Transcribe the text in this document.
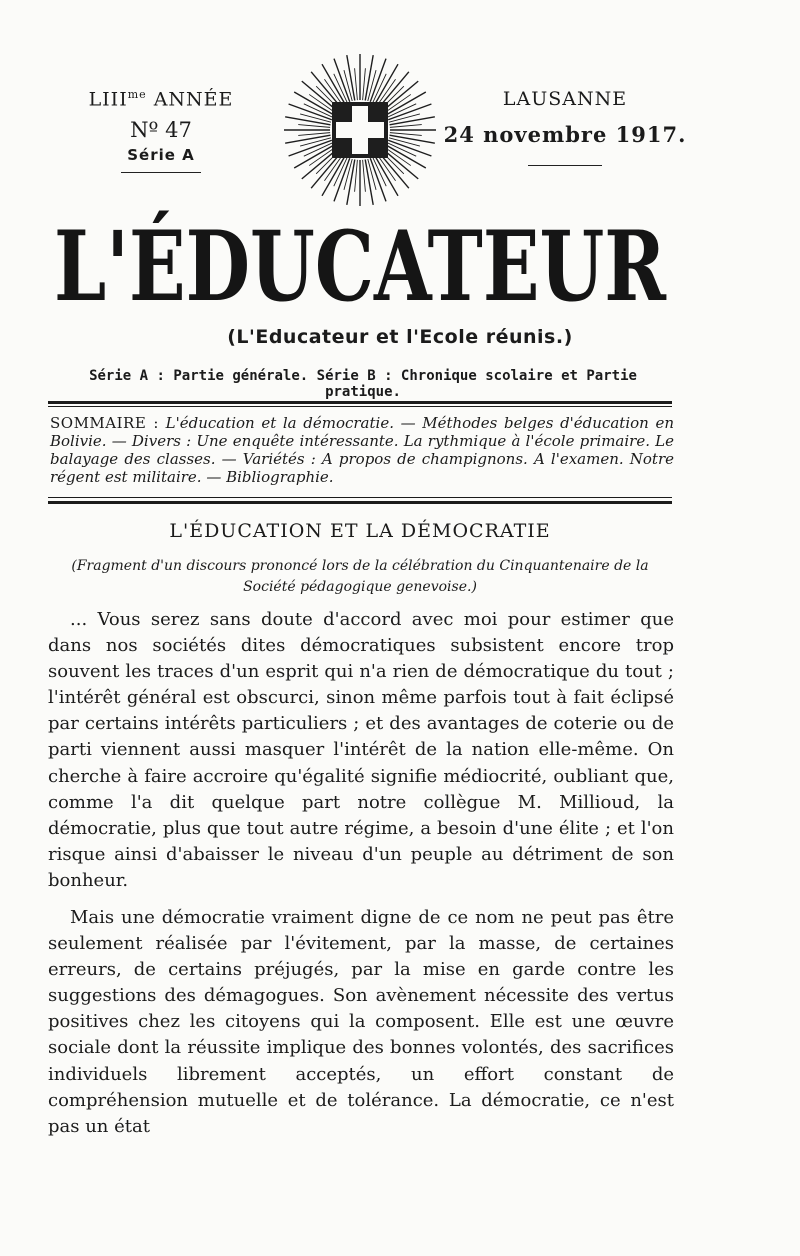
$LIII^{me}$ ANNÉE
Nº 47
Série A
LAUSANNE
24 novembre 1917.
L'ÉDUCATEUR
(L'Educateur et l'Ecole réunis.)
Série A : Partie générale. Série B : Chronique scolaire et Partie pratique.
SOMMAIRE : L'éducation et la démocratie. — Méthodes belges d'éducation en Bolivie. — Divers : Une enquête intéressante. La rythmique à l'école primaire. Le balayage des classes. — Variétés : A propos de champignons. A l'examen. Notre régent est militaire. — Bibliographie.
L'ÉDUCATION ET LA DÉMOCRATIE
(Fragment d'un discours prononcé lors de la célébration du Cinquantenaire de la Société pédagogique genevoise.)
... Vous serez sans doute d'accord avec moi pour estimer que dans nos sociétés dites démocratiques subsistent encore trop souvent les traces d'un esprit qui n'a rien de démocratique du tout ; l'intérêt général est obscurci, sinon même parfois tout à fait éclipsé par certains intérêts particuliers ; et des avantages de coterie ou de parti viennent aussi masquer l'intérêt de la nation elle-même. On cherche à faire accroire qu'égalité signifie médiocrité, oubliant que, comme l'a dit quelque part notre collègue M. Millioud, la démocratie, plus que tout autre régime, a besoin d'une élite ; et l'on risque ainsi d'abaisser le niveau d'un peuple au détriment de son bonheur.
Mais une démocratie vraiment digne de ce nom ne peut pas être seulement réalisée par l'évitement, par la masse, de certaines erreurs, de certains préjugés, par la mise en garde contre les suggestions des démagogues. Son avènement nécessite des vertus positives chez les citoyens qui la composent. Elle est une œuvre sociale dont la réussite implique des bonnes volontés, des sacrifices individuels librement acceptés, un effort constant de compréhension mutuelle et de tolérance. La démocratie, ce n'est pas un état
